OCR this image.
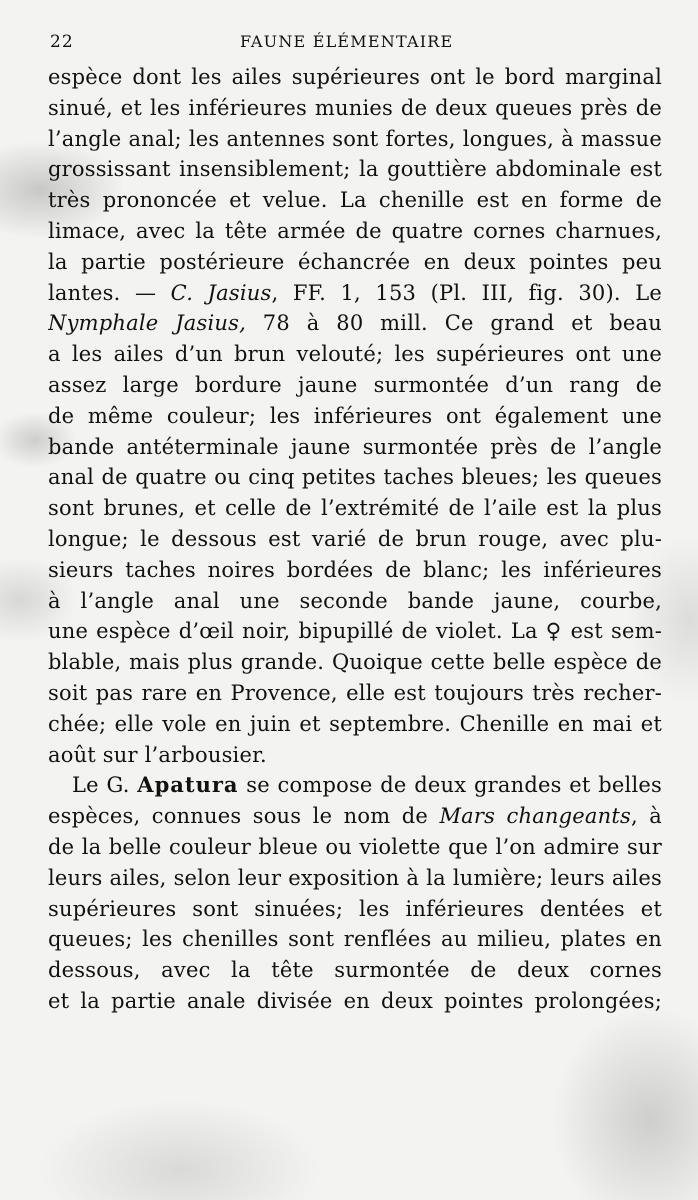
22	FAUNE ÉLÉMENTAIRE
espèce dont les ailes supérieures ont le bord marginal
sinué, et les inférieures munies de deux queues près de
l’angle anal; les antennes sont fortes, longues, à massue
grossissant insensiblement; la gouttière abdominale est
très prononcée et velue. La chenille est en forme de
limace, avec la tête armée de quatre cornes charnues,
la partie postérieure échancrée en deux pointes peu
lantes. — C. Jasius, FF. 1, 153 (Pl. III, fig. 30). Le
Nymphale Jasius, 78 à 80 mill. Ce grand et beau
a les ailes d’un brun velouté; les supérieures ont une
assez large bordure jaune surmontée d’un rang de
de même couleur; les inférieures ont également une
bande antéterminale jaune surmontée près de l’angle
anal de quatre ou cinq petites taches bleues; les queues
sont brunes, et celle de l’extrémité de l’aile est la plus
longue; le dessous est varié de brun rouge, avec plu-
sieurs taches noires bordées de blanc; les inférieures
à l’angle anal une seconde bande jaune, courbe,
une espèce d’œil noir, bipupillé de violet. La ♀ est sem-
blable, mais plus grande. Quoique cette belle espèce de
soit pas rare en Provence, elle est toujours très recher-
chée; elle vole en juin et septembre. Chenille en mai et
août sur l’arbousier.
Le G. Apatura se compose de deux grandes et belles
espèces, connues sous le nom de Mars changeants, à
de la belle couleur bleue ou violette que l’on admire sur
leurs ailes, selon leur exposition à la lumière; leurs ailes
supérieures sont sinuées; les inférieures dentées et
queues; les chenilles sont renflées au milieu, plates en
dessous, avec la tête surmontée de deux cornes
et la partie anale divisée en deux pointes prolongées;
